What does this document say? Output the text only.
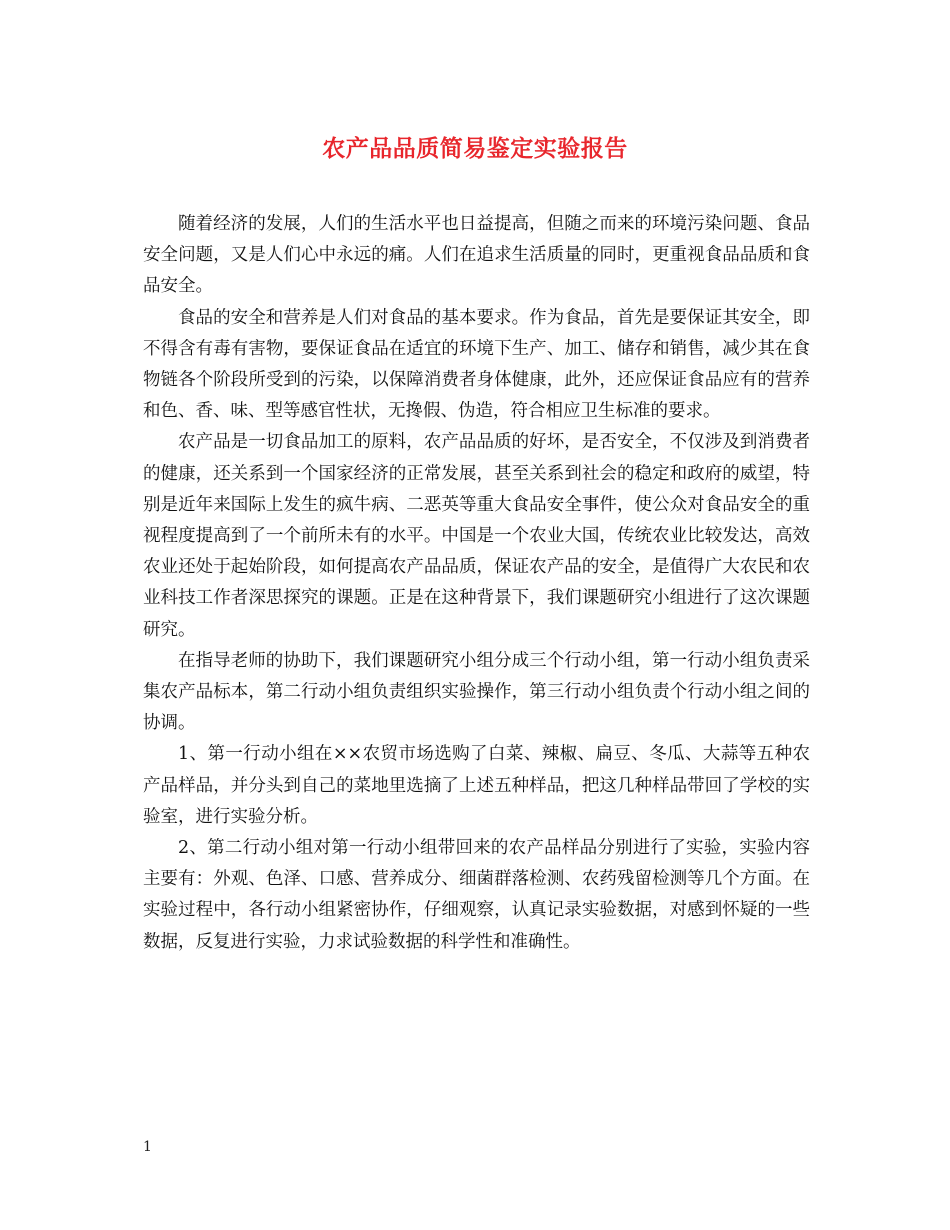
农产品品质简易鉴定实验报告

随着经济的发展，人们的生活水平也日益提高，但随之而来的环境污染问题、食品安全问题，又是人们心中永远的痛。人们在追求生活质量的同时，更重视食品品质和食品安全。

食品的安全和营养是人们对食品的基本要求。作为食品，首先是要保证其安全，即不得含有毒有害物，要保证食品在适宜的环境下生产、加工、储存和销售，减少其在食物链各个阶段所受到的污染，以保障消费者身体健康，此外，还应保证食品应有的营养和色、香、味、型等感官性状，无搀假、伪造，符合相应卫生标准的要求。

农产品是一切食品加工的原料，农产品品质的好坏，是否安全，不仅涉及到消费者的健康，还关系到一个国家经济的正常发展，甚至关系到社会的稳定和政府的威望，特别是近年来国际上发生的疯牛病、二恶英等重大食品安全事件，使公众对食品安全的重视程度提高到了一个前所未有的水平。中国是一个农业大国，传统农业比较发达，高效农业还处于起始阶段，如何提高农产品品质，保证农产品的安全，是值得广大农民和农业科技工作者深思探究的课题。正是在这种背景下，我们课题研究小组进行了这次课题研究。

在指导老师的协助下，我们课题研究小组分成三个行动小组，第一行动小组负责采集农产品标本，第二行动小组负责组织实验操作，第三行动小组负责个行动小组之间的协调。

1、第一行动小组在××农贸市场选购了白菜、辣椒、扁豆、冬瓜、大蒜等五种农产品样品，并分头到自己的菜地里选摘了上述五种样品，把这几种样品带回了学校的实验室，进行实验分析。

2、第二行动小组对第一行动小组带回来的农产品样品分别进行了实验，实验内容主要有：外观、色泽、口感、营养成分、细菌群落检测、农药残留检测等几个方面。在实验过程中，各行动小组紧密协作，仔细观察，认真记录实验数据，对感到怀疑的一些数据，反复进行实验，力求试验数据的科学性和准确性。

1
